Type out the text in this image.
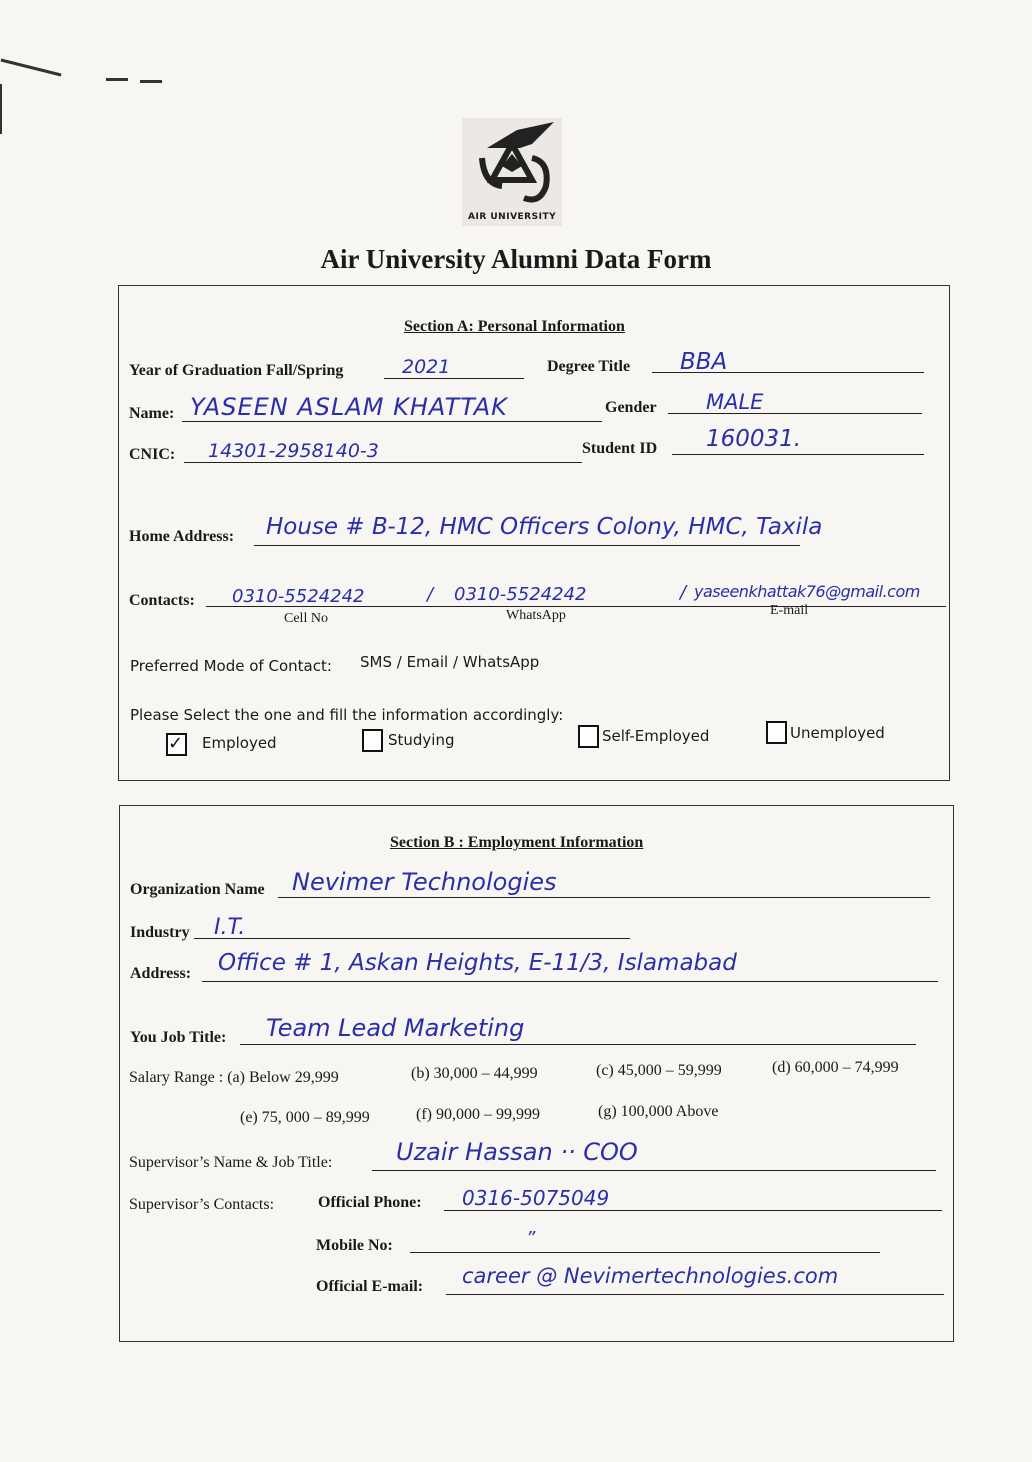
AIR UNIVERSITY
Air University Alumni Data Form
Section A: Personal Information
Year of Graduation Fall/Spring	2021	Degree Title BBA
Name: YASEEN ASLAM KHATTAK	Gender MALE
CNIC: 14301-2958140-3	Student ID 160031.
Home Address: House # B-12, HMC Officers Colony, HMC, Taxila
Contacts: 0310-5524242	/ 0310-5524242	/ yaseenkhattak76@gmail.com
Cell No	WhatsApp	E-mail
Preferred Mode of Contact: SMS / Email / WhatsApp
Please Select the one and fill the information accordingly:
✓ Employed	Studying	Self-Employed	Unemployed
Section B : Employment Information
Organization Name Nevimer Technologies
Industry I.T.
Address: Office # 1, Askan Heights, E-11/3, Islamabad
You Job Title: Team Lead Marketing
Salary Range : (a) Below 29,999	(b) 30,000 – 44,999	(c) 45,000 – 59,999	(d) 60,000 – 74,999
(e) 75, 000 – 89,999	(f) 90,000 – 99,999	(g) 100,000 Above
Supervisor’s Name & Job Title:	Uzair Hassan ·· COO
Supervisor’s Contacts:	Official Phone: 0316-5075049
Mobile No:	”
Official E-mail: career @ Nevimertechnologies.com
